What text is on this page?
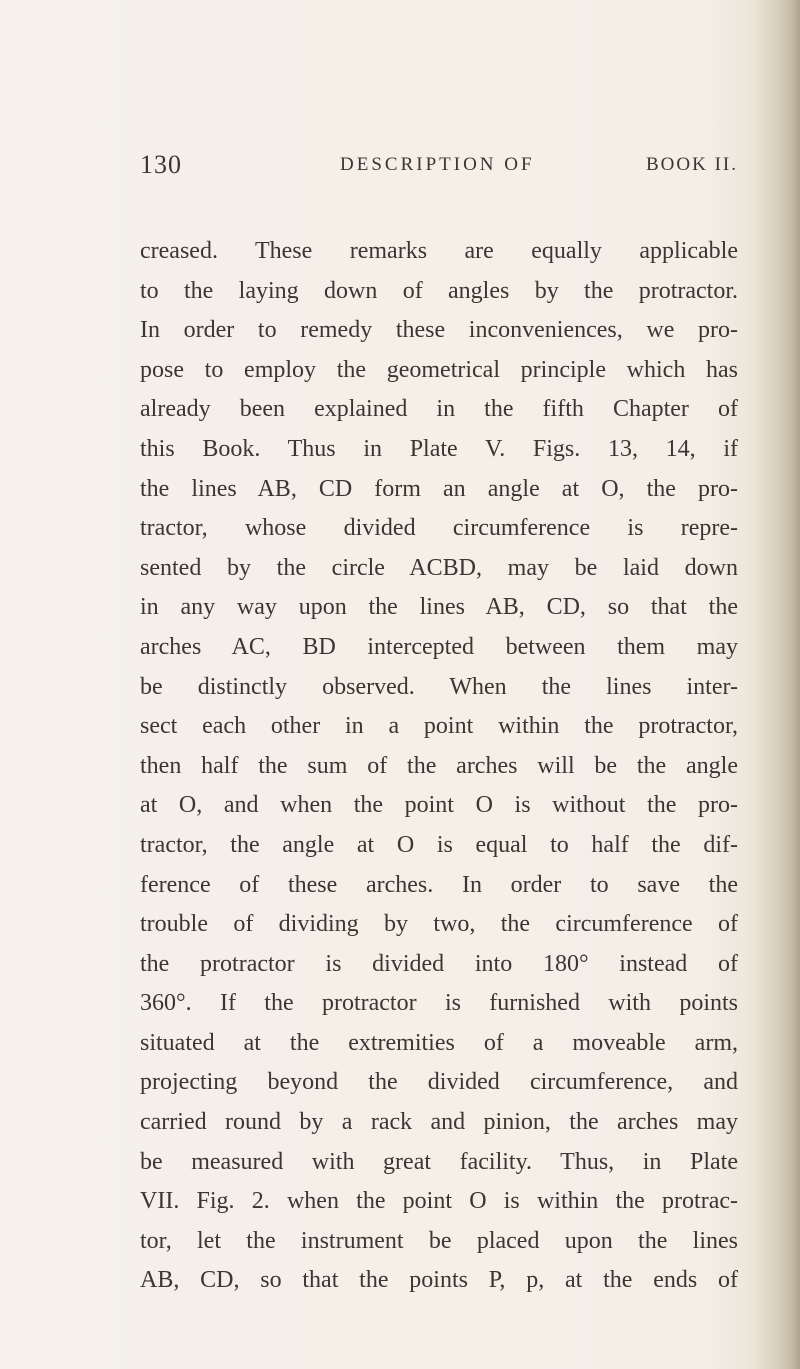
130	DESCRIPTION OF	BOOK II.
creased. These remarks are equally applicable
to the laying down of angles by the protractor.
In order to remedy these inconveniences, we pro-
pose to employ the geometrical principle which has
already been explained in the fifth Chapter of
this Book. Thus in Plate V. Figs. 13, 14, if
the lines AB, CD form an angle at O, the pro-
tractor, whose divided circumference is repre-
sented by the circle ACBD, may be laid down
in any way upon the lines AB, CD, so that the
arches AC, BD intercepted between them may
be distinctly observed. When the lines inter-
sect each other in a point within the protractor,
then half the sum of the arches will be the angle
at O, and when the point O is without the pro-
tractor, the angle at O is equal to half the dif-
ference of these arches. In order to save the
trouble of dividing by two, the circumference of
the protractor is divided into 180° instead of
360°. If the protractor is furnished with points
situated at the extremities of a moveable arm,
projecting beyond the divided circumference, and
carried round by a rack and pinion, the arches may
be measured with great facility. Thus, in Plate
VII. Fig. 2. when the point O is within the protrac-
tor, let the instrument be placed upon the lines
AB, CD, so that the points P, p, at the ends of
